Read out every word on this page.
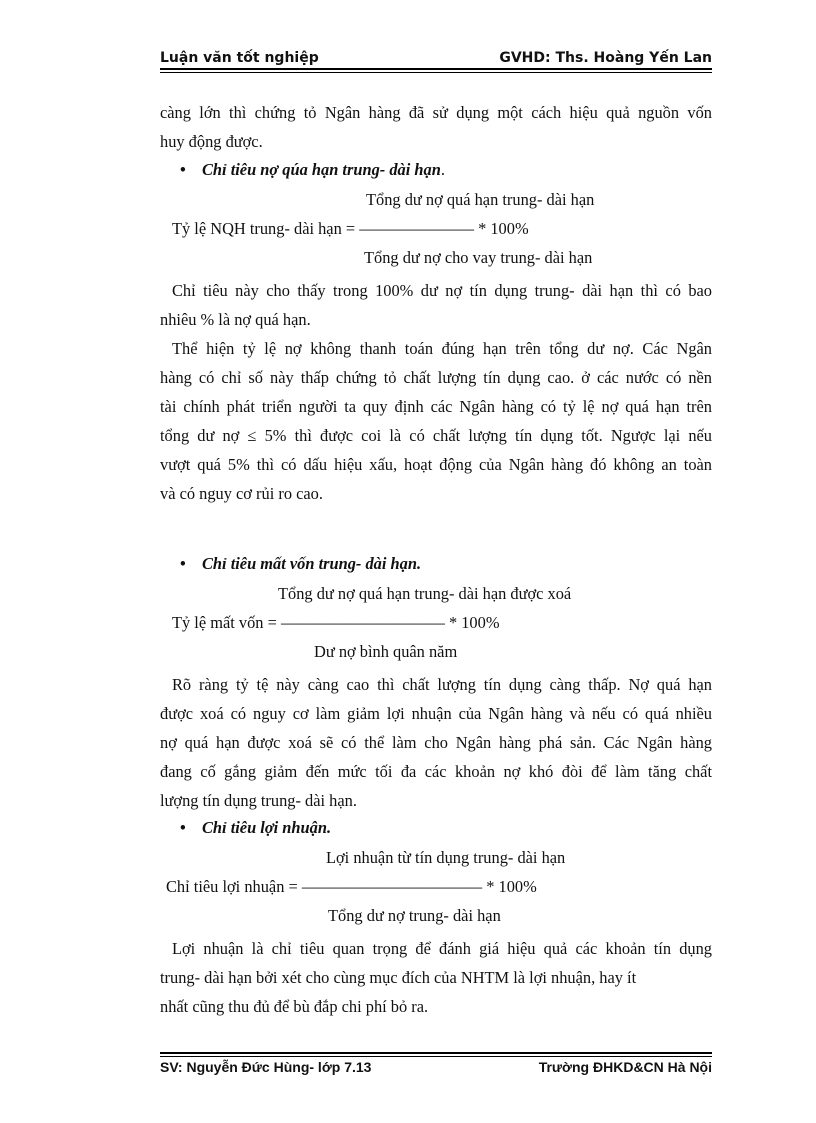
Luận văn tốt nghiệp	GVHD: Ths. Hoàng Yến Lan
càng lớn thì chứng tỏ Ngân hàng đã sử dụng một cách hiệu quả nguồn vốn
huy động được.
• Chỉ tiêu nợ qúa hạn trung- dài hạn.
Tổng dư nợ quá hạn trung- dài hạn
Tỷ lệ NQH trung- dài hạn = ——————— * 100%
Tổng dư nợ cho vay trung- dài hạn
Chỉ tiêu này cho thấy trong 100% dư nợ tín dụng trung- dài hạn thì có bao
nhiêu % là nợ quá hạn.
Thể hiện tỷ lệ nợ không thanh toán đúng hạn trên tổng dư nợ. Các Ngân
hàng có chỉ số này thấp chứng tỏ chất lượng tín dụng cao. ở các nước có nền
tài chính phát triển người ta quy định các Ngân hàng có tỷ lệ nợ quá hạn trên
tổng dư nợ ≤ 5% thì được coi là có chất lượng tín dụng tốt. Ngược lại nếu
vượt quá 5% thì có dấu hiệu xấu, hoạt động của Ngân hàng đó không an toàn
và có nguy cơ rủi ro cao.
• Chỉ tiêu mất vốn trung- dài hạn.
Tổng dư nợ quá hạn trung- dài hạn được xoá
Tỷ lệ mất vốn = —————————— * 100%
Dư nợ bình quân năm
Rõ ràng tỷ tệ này càng cao thì chất lượng tín dụng càng thấp. Nợ quá hạn
được xoá có nguy cơ làm giảm lợi nhuận của Ngân hàng và nếu có quá nhiều
nợ quá hạn được xoá sẽ có thể làm cho Ngân hàng phá sản. Các Ngân hàng
đang cố gắng giảm đến mức tối đa các khoản nợ khó đòi để làm tăng chất
lượng tín dụng trung- dài hạn.
• Chỉ tiêu lợi nhuận.
Lợi nhuận từ tín dụng trung- dài hạn
Chỉ tiêu lợi nhuận = ——————————— * 100%
Tổng dư nợ trung- dài hạn
Lợi nhuận là chỉ tiêu quan trọng để đánh giá hiệu quả các khoản tín dụng
trung- dài hạn bởi xét cho cùng mục đích của NHTM là lợi nhuận, hay ít
nhất cũng thu đủ để bù đắp chi phí bỏ ra.
SV: Nguyễn Đức Hùng- lớp 7.13	Trường ĐHKD&CN Hà Nội
